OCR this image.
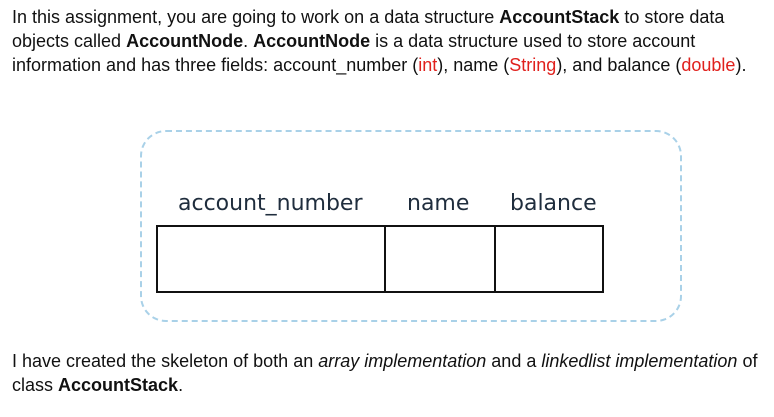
In this assignment, you are going to work on a data structure AccountStack to store data objects called AccountNode. AccountNode is a data structure used to store account information and has three fields: account_number (int), name (String), and balance (double).

account_number name balance

I have created the skeleton of both an array implementation and a linkedlist implementation of class AccountStack.
